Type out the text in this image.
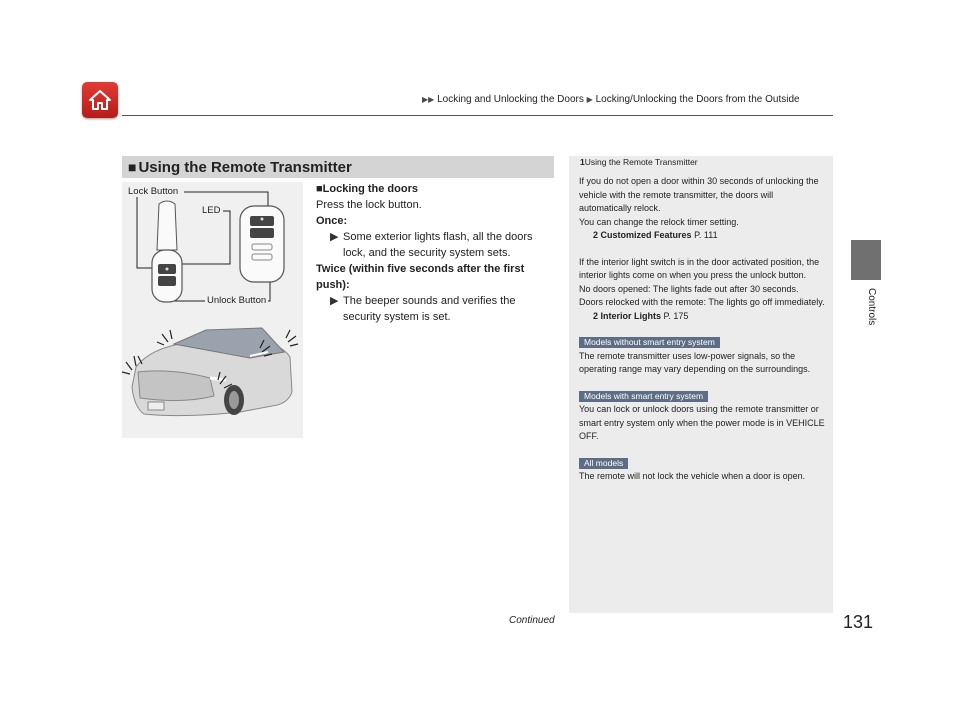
▶▶ Locking and Unlocking the Doors ▶ Locking/Unlocking the Doors from the Outside
Controls
■ Using the Remote Transmitter
Lock Button
LED
Unlock Button
■Locking the doors
Press the lock button.
Once:
▶ Some exterior lights flash, all the doors lock, and the security system sets.
Twice (within five seconds after the first push):
▶ The beeper sounds and verifies the security system is set.
1Using the Remote Transmitter
If you do not open a door within 30 seconds of unlocking the vehicle with the remote transmitter, the doors will automatically relock.
You can change the relock timer setting.
2 Customized Features P. 111
If the interior light switch is in the door activated position, the interior lights come on when you press the unlock button.
No doors opened: The lights fade out after 30 seconds.
Doors relocked with the remote: The lights go off immediately.
2 Interior Lights P. 175
Models without smart entry system
The remote transmitter uses low-power signals, so the operating range may vary depending on the surroundings.
Models with smart entry system
You can lock or unlock doors using the remote transmitter or smart entry system only when the power mode is in VEHICLE OFF.
All models
The remote will not lock the vehicle when a door is open.
Continued	131
